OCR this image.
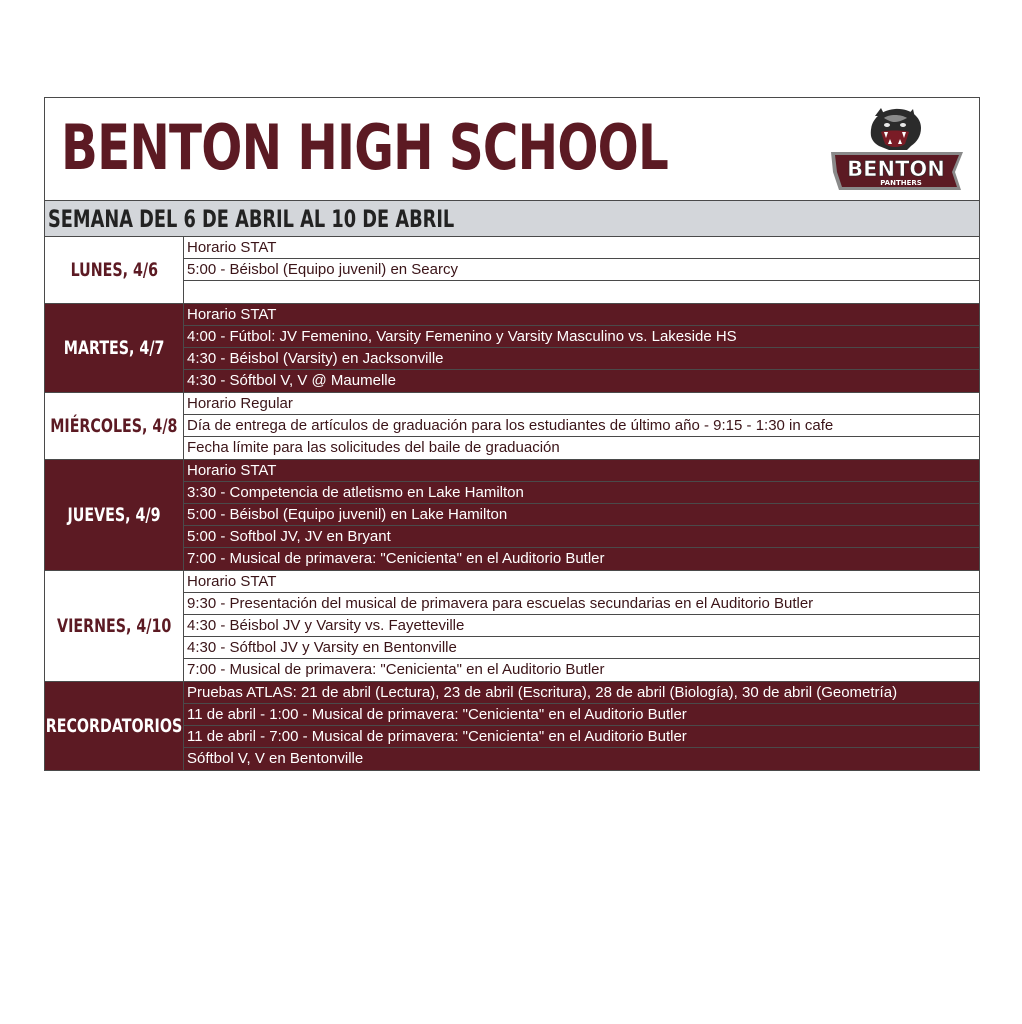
BENTON HIGH SCHOOL	BENTON
PANTHERS
SEMANA DEL 6 DE ABRIL AL 10 DE ABRIL
LUNES, 4/6
Horario STAT
5:00 - Béisbol (Equipo juvenil) en Searcy
MARTES, 4/7
Horario STAT
4:00 - Fútbol: JV Femenino, Varsity Femenino y Varsity Masculino vs. Lakeside HS
4:30 - Béisbol (Varsity) en Jacksonville
4:30 - Sóftbol V, V @ Maumelle
MIÉRCOLES, 4/8
Horario Regular
Día de entrega de artículos de graduación para los estudiantes de último año - 9:15 - 1:30 in cafe
Fecha límite para las solicitudes del baile de graduación
JUEVES, 4/9
Horario STAT
3:30 - Competencia de atletismo en Lake Hamilton
5:00 - Béisbol (Equipo juvenil) en Lake Hamilton
5:00 - Softbol JV, JV en Bryant
7:00 - Musical de primavera: "Cenicienta" en el Auditorio Butler
VIERNES, 4/10
Horario STAT
9:30 - Presentación del musical de primavera para escuelas secundarias en el Auditorio Butler
4:30 - Béisbol JV y Varsity vs. Fayetteville
4:30 - Sóftbol JV y Varsity en Bentonville
7:00 - Musical de primavera: "Cenicienta" en el Auditorio Butler
RECORDATORIOS
Pruebas ATLAS: 21 de abril (Lectura), 23 de abril (Escritura), 28 de abril (Biología), 30 de abril (Geometría)
11 de abril - 1:00 - Musical de primavera: "Cenicienta" en el Auditorio Butler
11 de abril - 7:00 - Musical de primavera: "Cenicienta" en el Auditorio Butler
Sóftbol V, V en Bentonville
